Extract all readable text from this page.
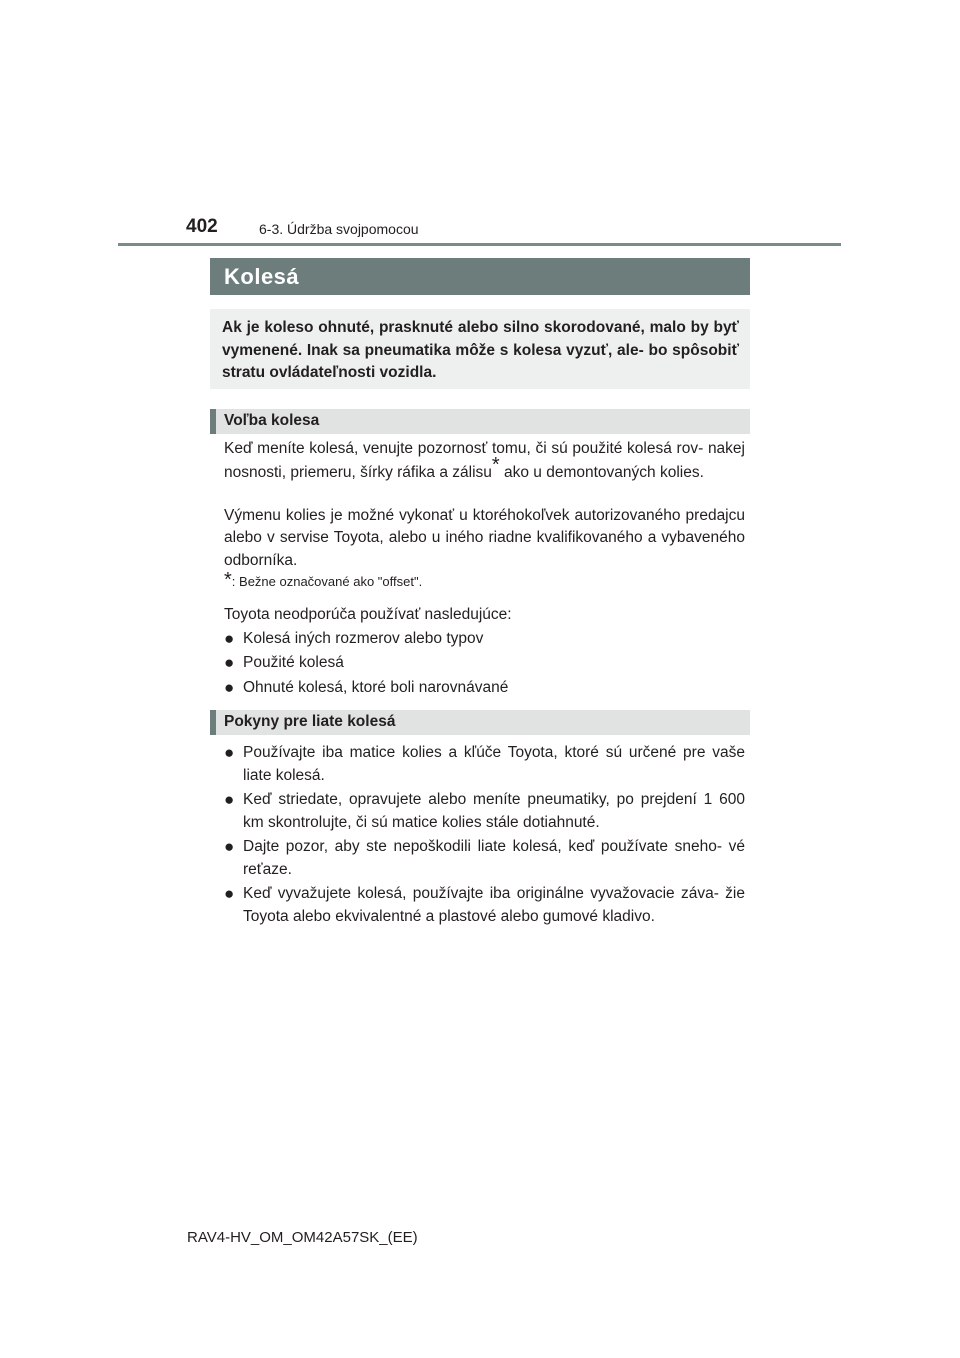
402	6-3. Údržba svojpomocou
Kolesá
Ak je koleso ohnuté, prasknuté alebo silno skorodované, malo by byť vymenené. Inak sa pneumatika môže s kolesa vyzuť, ale- bo spôsobiť stratu ovládateľnosti vozidla.
Voľba kolesa
Keď meníte kolesá, venujte pozornosť tomu, či sú použité kolesá rov- nakej nosnosti, priemeru, šírky ráfika a zálisu* ako u demontovaných kolies.
Výmenu kolies je možné vykonať u ktoréhokoľvek autorizovaného predajcu alebo v servise Toyota, alebo u iného riadne kvalifikovaného a vybaveného odborníka.
*: Bežne označované ako "offset".
Toyota neodporúča používať nasledujúce:
● Kolesá iných rozmerov alebo typov
● Použité kolesá
● Ohnuté kolesá, ktoré boli narovnávané
Pokyny pre liate kolesá
● Používajte iba matice kolies a kľúče Toyota, ktoré sú určené pre vaše liate kolesá.
● Keď striedate, opravujete alebo meníte pneumatiky, po prejdení 1 600 km skontrolujte, či sú matice kolies stále dotiahnuté.
● Dajte pozor, aby ste nepoškodili liate kolesá, keď používate sneho- vé reťaze.
● Keď vyvažujete kolesá, používajte iba originálne vyvažovacie záva- žie Toyota alebo ekvivalentné a plastové alebo gumové kladivo.
RAV4-HV_OM_OM42A57SK_(EE)
